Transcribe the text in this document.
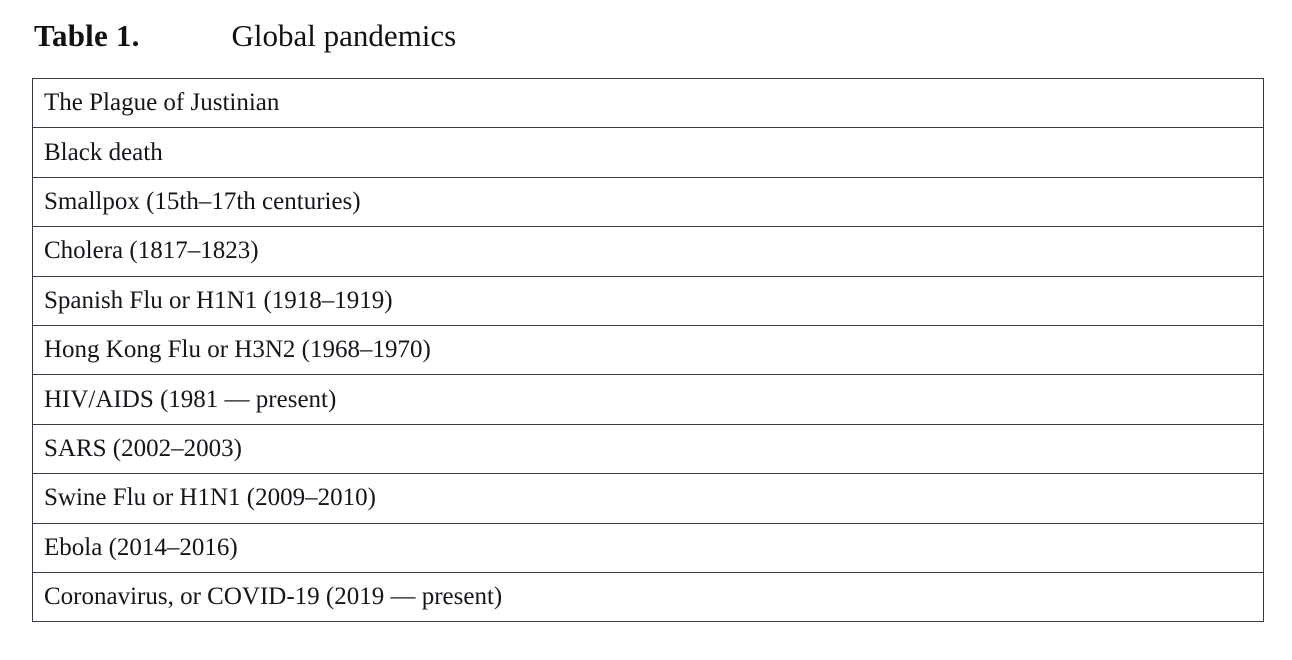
Table 1.	Global pandemics
The Plague of Justinian
Black death
Smallpox (15th–17th centuries)
Cholera (1817–1823)
Spanish Flu or H1N1 (1918–1919)
Hong Kong Flu or H3N2 (1968–1970)
HIV/AIDS (1981 — present)
SARS (2002–2003)
Swine Flu or H1N1 (2009–2010)
Ebola (2014–2016)
Coronavirus, or COVID-19 (2019 — present)
